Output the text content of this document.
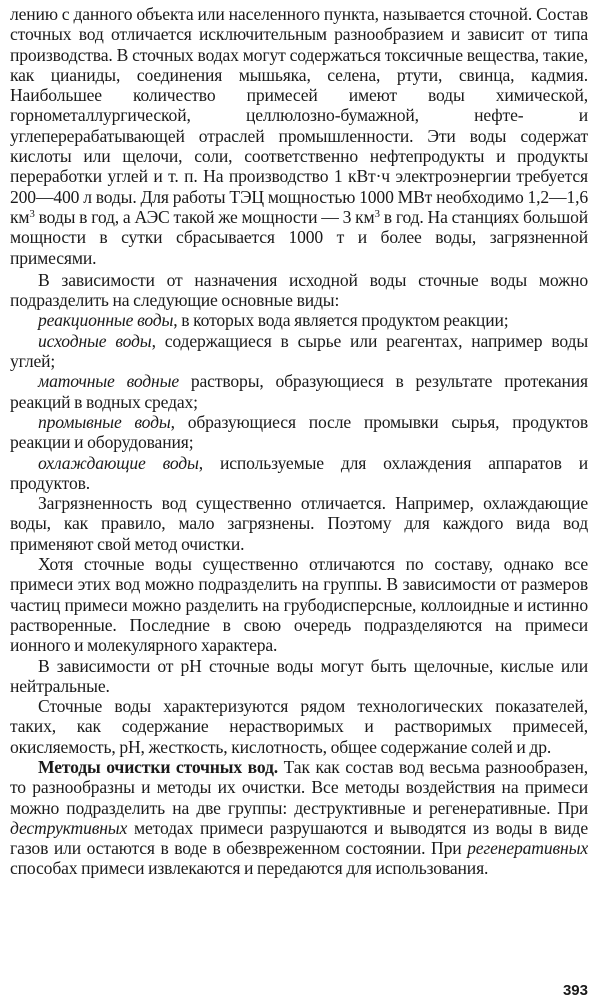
лению с данного объекта или населенного пункта, называется сточной. Состав сточных вод отличается исключительным разнообразием и зависит от типа производства. В сточных водах могут содержаться токсичные вещества, такие, как цианиды, соединения мышьяка, селена, ртути, свинца, кадмия. Наибольшее количество примесей имеют воды химической, горнометаллургической, целлюлозно-бумажной, нефте- и углеперерабатывающей отраслей промышленности. Эти воды содержат кислоты или щелочи, соли, соответственно нефтепродукты и продукты переработки углей и т. п. На производство 1 кВт·ч электроэнергии требуется 200—400 л воды. Для работы ТЭЦ мощностью 1000 МВт необходимо 1,2—1,6 $км^3$ воды в год, а АЭС такой же мощности — 3 $км^3$ в год. На станциях большой мощности в сутки сбрасывается 1000 т и более воды, загрязненной примесями.

В зависимости от назначения исходной воды сточные воды можно подразделить на следующие основные виды:

реакционные воды, в которых вода является продуктом реакции;

исходные воды, содержащиеся в сырье или реагентах, например воды углей;

маточные водные растворы, образующиеся в результате протекания реакций в водных средах;

промывные воды, образующиеся после промывки сырья, продуктов реакции и оборудования;

охлаждающие воды, используемые для охлаждения аппаратов и продуктов.

Загрязненность вод существенно отличается. Например, охлаждающие воды, как правило, мало загрязнены. Поэтому для каждого вида вод применяют свой метод очистки.

Хотя сточные воды существенно отличаются по составу, однако все примеси этих вод можно подразделить на группы. В зависимости от размеров частиц примеси можно разделить на грубодисперсные, коллоидные и истинно растворенные. Последние в свою очередь подразделяются на примеси ионного и молекулярного характера.

В зависимости от pH сточные воды могут быть щелочные, кислые или нейтральные.

Сточные воды характеризуются рядом технологических показателей, таких, как содержание нерастворимых и растворимых примесей, окисляемость, pH, жесткость, кислотность, общее содержание солей и др.

Методы очистки сточных вод. Так как состав вод весьма разнообразен, то разнообразны и методы их очистки. Все методы воздействия на примеси можно подразделить на две группы: деструктивные и регенеративные. При деструктивных методах примеси разрушаются и выводятся из воды в виде газов или остаются в воде в обезвреженном состоянии. При регенеративных способах примеси извлекаются и передаются для использования.

393
